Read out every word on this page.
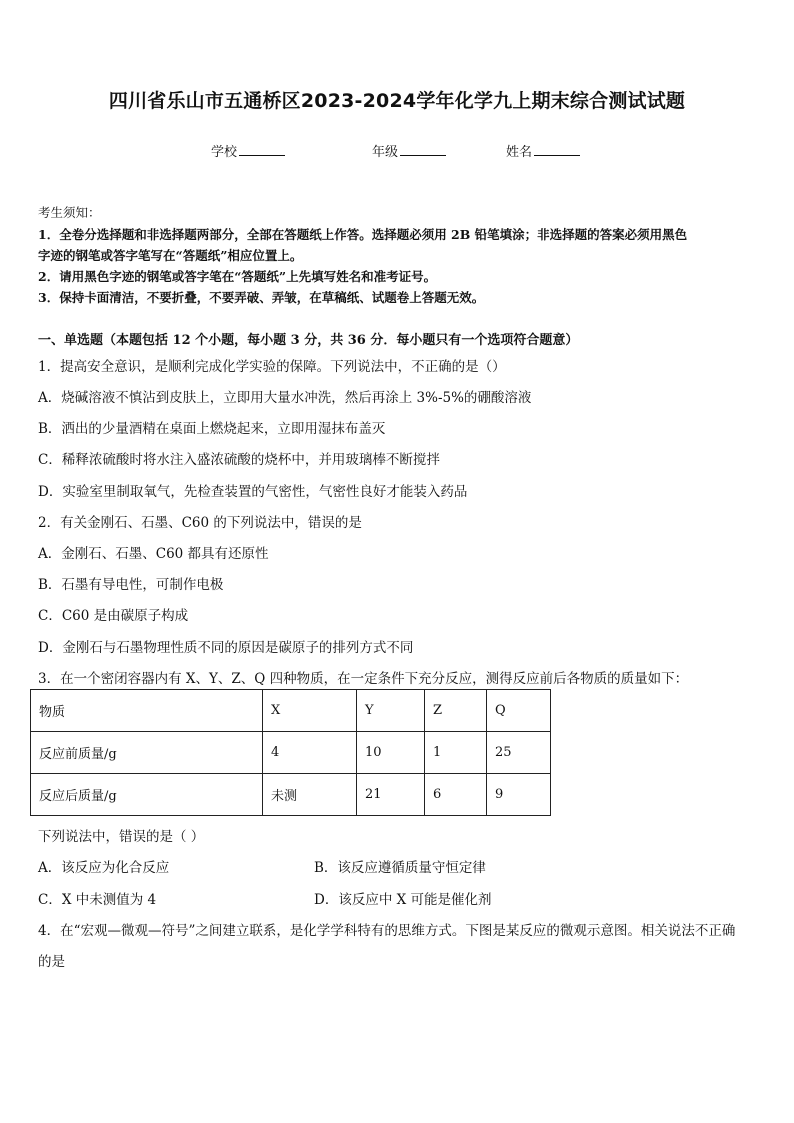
四川省乐山市五通桥区2023-2024学年化学九上期末综合测试试题
学校	年级	姓名
考生须知：
1．全卷分选择题和非选择题两部分，全部在答题纸上作答。选择题必须用 2B 铅笔填涂；非选择题的答案必须用黑色
字迹的钢笔或答字笔写在“答题纸”相应位置上。
2．请用黑色字迹的钢笔或答字笔在“答题纸”上先填写姓名和准考证号。
3．保持卡面清洁，不要折叠，不要弄破、弄皱，在草稿纸、试题卷上答题无效。
一、单选题（本题包括 12 个小题，每小题 3 分，共 36 分．每小题只有一个选项符合题意）
1．提高安全意识，是顺利完成化学实验的保障。下列说法中，不正确的是（）
A．烧碱溶液不慎沾到皮肤上，立即用大量水冲洗，然后再涂上 3%-5%的硼酸溶液
B．洒出的少量酒精在桌面上燃烧起来，立即用湿抹布盖灭
C．稀释浓硫酸时将水注入盛浓硫酸的烧杯中，并用玻璃棒不断搅拌
D．实验室里制取氧气，先检查装置的气密性，气密性良好才能装入药品
2．有关金刚石、石墨、C60 的下列说法中，错误的是
A．金刚石、石墨、C60 都具有还原性
B．石墨有导电性，可制作电极
C．C60 是由碳原子构成
D．金刚石与石墨物理性质不同的原因是碳原子的排列方式不同
3．在一个密闭容器内有 X、Y、Z、Q 四种物质，在一定条件下充分反应，测得反应前后各物质的质量如下：
物质	X	Y	Z	Q
反应前质量/g	4	10	1	25
反应后质量/g	未测	21	6	9
下列说法中，错误的是（ ）
A．该反应为化合反应	B．该反应遵循质量守恒定律
C．X 中未测值为 4	D．该反应中 X 可能是催化剂
4．在“宏观—微观—符号”之间建立联系，是化学学科特有的思维方式。下图是某反应的微观示意图。相关说法不正确
的是
